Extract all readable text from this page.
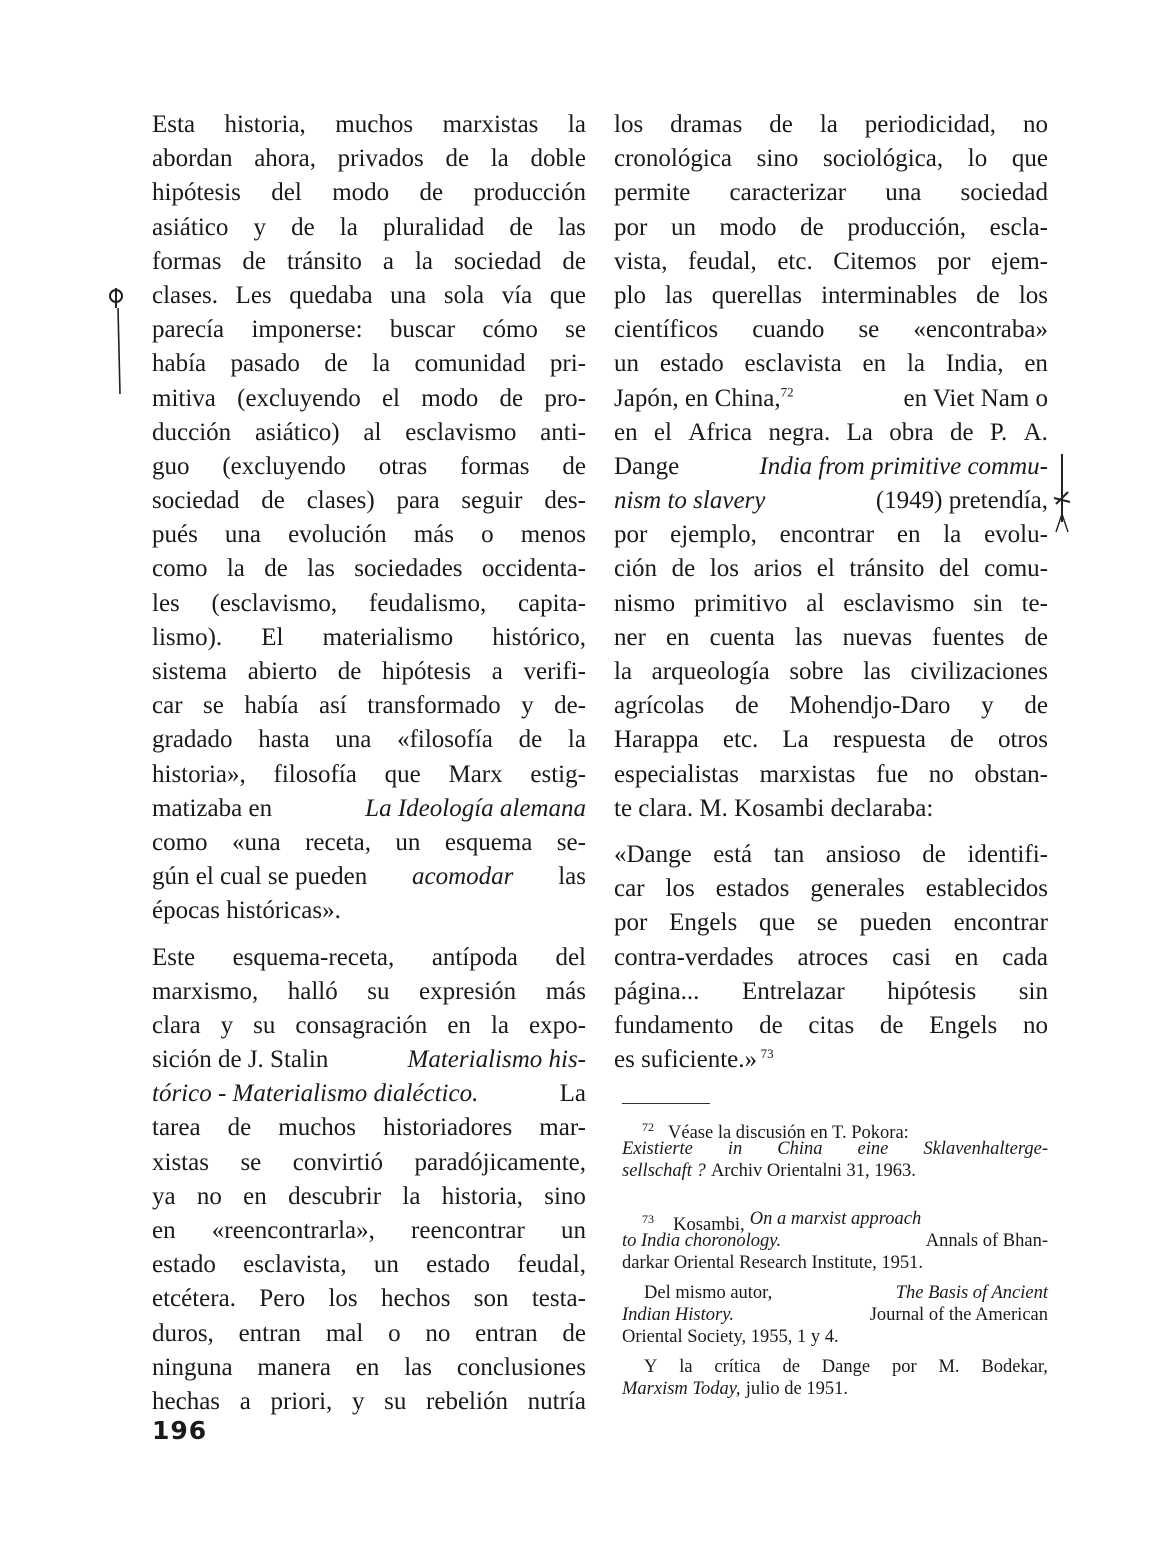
Esta historia, muchos marxistas la
abordan ahora, privados de la doble
hipótesis del modo de producción
asiático y de la pluralidad de las
formas de tránsito a la sociedad de
clases. Les quedaba una sola vía que
parecía imponerse: buscar cómo se
había pasado de la comunidad pri-
mitiva (excluyendo el modo de pro-
ducción asiático) al esclavismo anti-
guo (excluyendo otras formas de
sociedad de clases) para seguir des-
pués una evolución más o menos
como la de las sociedades occidenta-
les (esclavismo, feudalismo, capita-
lismo). El materialismo histórico,
sistema abierto de hipótesis a verifi-
car se había así transformado y de-
gradado hasta una «filosofía de la
historia», filosofía que Marx estig-
matizaba en	La Ideología alemana
como «una receta, un esquema se-
gún el cual se pueden acomodar las
épocas históricas».
Este esquema-receta, antípoda del
marxismo, halló su expresión más
clara y su consagración en la expo-
sición de J. Stalin	Materialismo his-
tórico - Materialismo dialéctico.	La
tarea de muchos historiadores mar-
xistas se convirtió paradójicamente,
ya no en descubrir la historia, sino
en «reencontrarla», reencontrar un
estado esclavista, un estado feudal,
etcétera. Pero los hechos son testa-
duros, entran mal o no entran de
ninguna manera en las conclusiones
hechas a priori, y su rebelión nutría
los dramas de la periodicidad, no
cronológica sino sociológica, lo que
permite caracterizar una sociedad
por un modo de producción, escla-
vista, feudal, etc. Citemos por ejem-
plo las querellas interminables de los
científicos cuando se «encontraba»
un estado esclavista en la India, en
Japón, en China,$^{72}$	en Viet Nam o
en el Africa negra. La obra de P. A.
Dange	India from primitive commu-
nism to slavery	(1949) pretendía,
por ejemplo, encontrar en la evolu-
ción de los arios el tránsito del comu-
nismo primitivo al esclavismo sin te-
ner en cuenta las nuevas fuentes de
la arqueología sobre las civilizaciones
agrícolas de Mohendjo-Daro y de
Harappa etc. La respuesta de otros
especialistas marxistas fue no obstan-
te clara. M. Kosambi declaraba:
«Dange está tan ansioso de identifi-
car los estados generales establecidos
por Engels que se pueden encontrar
contra-verdades atroces casi en cada
página... Entrelazar hipótesis sin
fundamento de citas de Engels no
es suficiente.» $^{73}$
$^{72}$ Véase la discusión en T. Pokora:
Existierte in China eine Sklavenhalterge-
sellschaft ? Archiv Orientalni 31, 1963.
$^{73}$ Kosambi, On a marxist approach
to India choronology.	Annals of Bhan-
darkar Oriental Research Institute, 1951.
Del mismo autor,	The Basis of Ancient
Indian History.	Journal of the American
Oriental Society, 1955, 1 y 4.
Y la crítica de Dange por M. Bodekar,
Marxism Today, julio de 1951.
196
